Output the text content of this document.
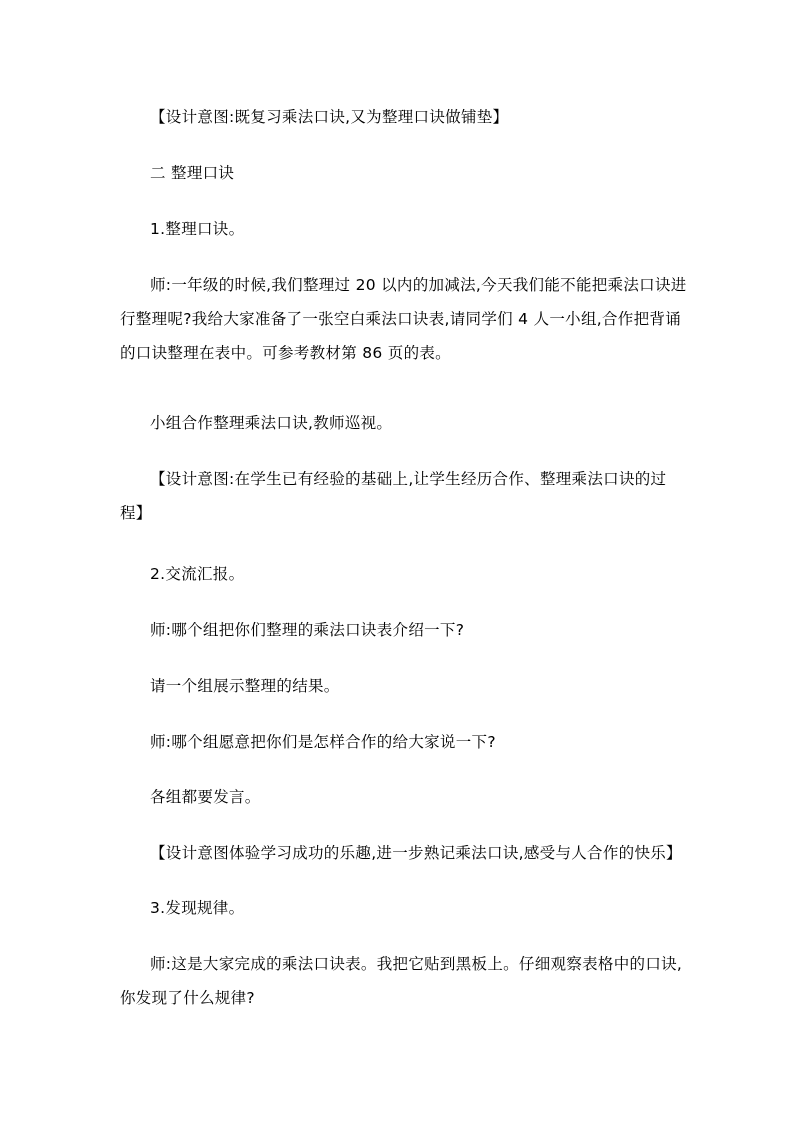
【设计意图:既复习乘法口诀,又为整理口诀做铺垫】

二 整理口诀

1.整理口诀。

师:一年级的时候,我们整理过 20 以内的加减法,今天我们能不能把乘法口诀进行整理呢?我给大家准备了一张空白乘法口诀表,请同学们 4 人一小组,合作把背诵的口诀整理在表中。可参考教材第 86 页的表。

小组合作整理乘法口诀,教师巡视。

【设计意图:在学生已有经验的基础上,让学生经历合作、整理乘法口诀的过程】

2.交流汇报。

师:哪个组把你们整理的乘法口诀表介绍一下?

请一个组展示整理的结果。

师:哪个组愿意把你们是怎样合作的给大家说一下?

各组都要发言。

【设计意图体验学习成功的乐趣,进一步熟记乘法口诀,感受与人合作的快乐】

3.发现规律。

师:这是大家完成的乘法口诀表。我把它贴到黑板上。仔细观察表格中的口诀,你发现了什么规律?
